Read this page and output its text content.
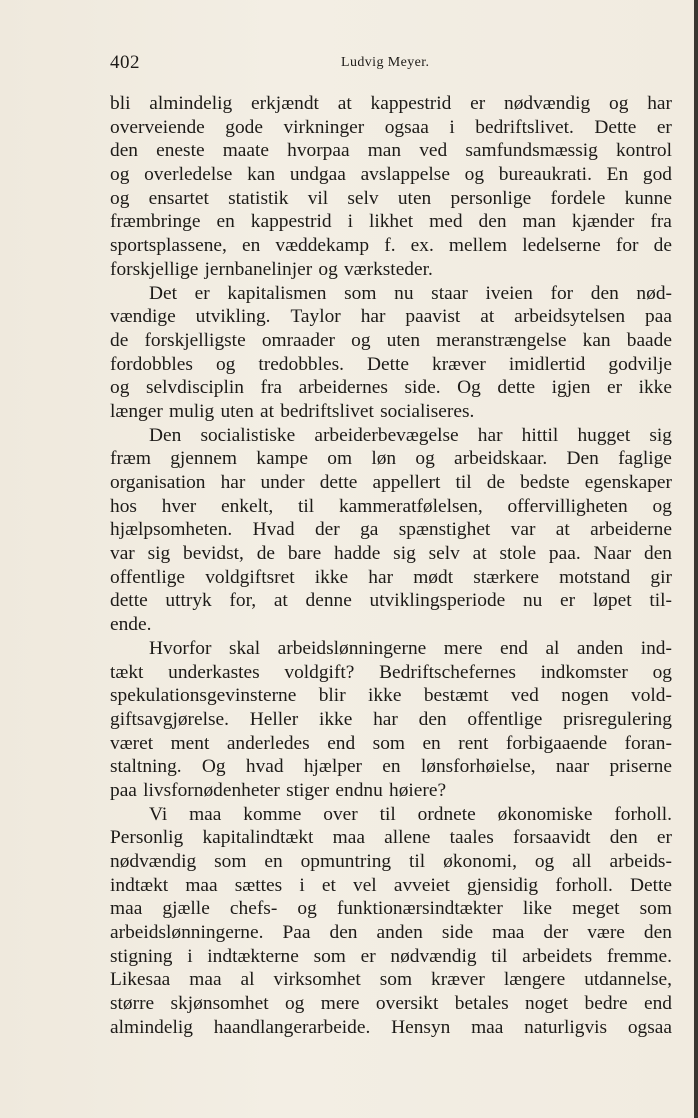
402	Ludvig Meyer.
bli almindelig erkjændt at kappestrid er nødvændig og har
overveiende gode virkninger ogsaa i bedriftslivet. Dette er
den eneste maate hvorpaa man ved samfundsmæssig kontrol
og overledelse kan undgaa avslappelse og bureaukrati. En god
og ensartet statistik vil selv uten personlige fordele kunne
fræmbringe en kappestrid i likhet med den man kjænder fra
sportsplassene, en væddekamp f. ex. mellem ledelserne for de
forskjellige jernbanelinjer og værksteder.
Det er kapitalismen som nu staar iveien for den nød-
vændige utvikling. Taylor har paavist at arbeidsytelsen paa
de forskjelligste omraader og uten meranstrængelse kan baade
fordobbles og tredobbles. Dette kræver imidlertid godvilje
og selvdisciplin fra arbeidernes side. Og dette igjen er ikke
længer mulig uten at bedriftslivet socialiseres.
Den socialistiske arbeiderbevægelse har hittil hugget sig
fræm gjennem kampe om løn og arbeidskaar. Den faglige
organisation har under dette appellert til de bedste egenskaper
hos hver enkelt, til kammeratfølelsen, offervilligheten og
hjælpsomheten. Hvad der ga spænstighet var at arbeiderne
var sig bevidst, de bare hadde sig selv at stole paa. Naar den
offentlige voldgiftsret ikke har mødt stærkere motstand gir
dette uttryk for, at denne utviklingsperiode nu er løpet til-
ende.
Hvorfor skal arbeidslønningerne mere end al anden ind-
tækt underkastes voldgift? Bedriftschefernes indkomster og
spekulationsgevinsterne blir ikke bestæmt ved nogen vold-
giftsavgjørelse. Heller ikke har den offentlige prisregulering
været ment anderledes end som en rent forbigaaende foran-
staltning. Og hvad hjælper en lønsforhøielse, naar priserne
paa livsfornødenheter stiger endnu høiere?
Vi maa komme over til ordnete økonomiske forholl.
Personlig kapitalindtækt maa allene taales forsaavidt den er
nødvændig som en opmuntring til økonomi, og all arbeids-
indtækt maa sættes i et vel avveiet gjensidig forholl. Dette
maa gjælle chefs- og funktionærsindtækter like meget som
arbeidslønningerne. Paa den anden side maa der være den
stigning i indtækterne som er nødvændig til arbeidets fremme.
Likesaa maa al virksomhet som kræver længere utdannelse,
større skjønsomhet og mere oversikt betales noget bedre end
almindelig haandlangerarbeide. Hensyn maa naturligvis ogsaa
